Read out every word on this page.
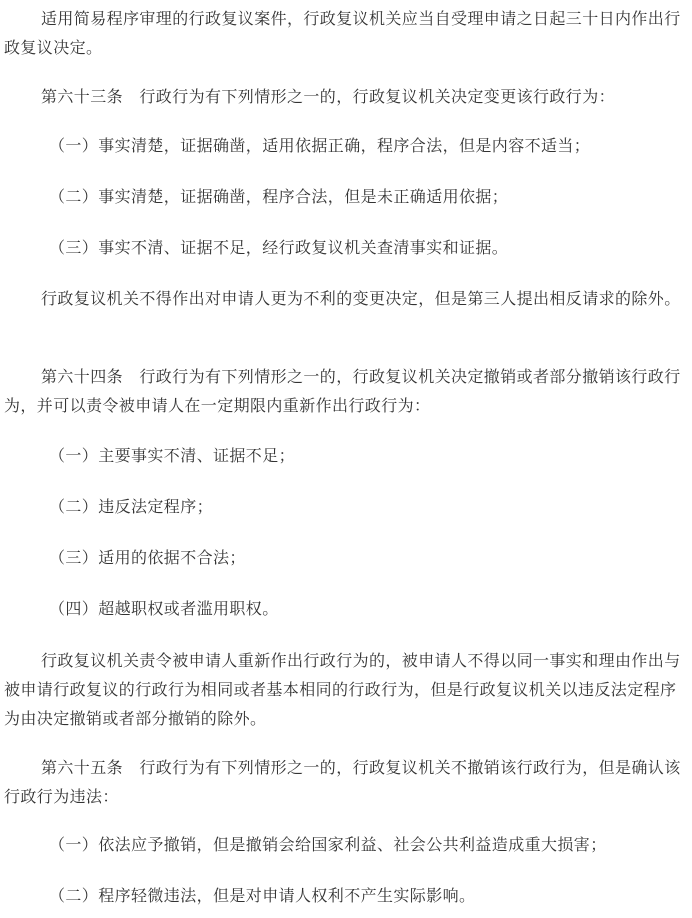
适用简易程序审理的行政复议案件，行政复议机关应当自受理申请之日起三十日内作出行政复议决定。

第六十三条　行政行为有下列情形之一的，行政复议机关决定变更该行政行为：

（一）事实清楚，证据确凿，适用依据正确，程序合法，但是内容不适当；

（二）事实清楚，证据确凿，程序合法，但是未正确适用依据；

（三）事实不清、证据不足，经行政复议机关查清事实和证据。

行政复议机关不得作出对申请人更为不利的变更决定，但是第三人提出相反请求的除外。

第六十四条　行政行为有下列情形之一的，行政复议机关决定撤销或者部分撤销该行政行为，并可以责令被申请人在一定期限内重新作出行政行为：

（一）主要事实不清、证据不足；

（二）违反法定程序；

（三）适用的依据不合法；

（四）超越职权或者滥用职权。

行政复议机关责令被申请人重新作出行政行为的，被申请人不得以同一事实和理由作出与被申请行政复议的行政行为相同或者基本相同的行政行为，但是行政复议机关以违反法定程序为由决定撤销或者部分撤销的除外。

第六十五条　行政行为有下列情形之一的，行政复议机关不撤销该行政行为，但是确认该行政行为违法：

（一）依法应予撤销，但是撤销会给国家利益、社会公共利益造成重大损害；

（二）程序轻微违法，但是对申请人权利不产生实际影响。
